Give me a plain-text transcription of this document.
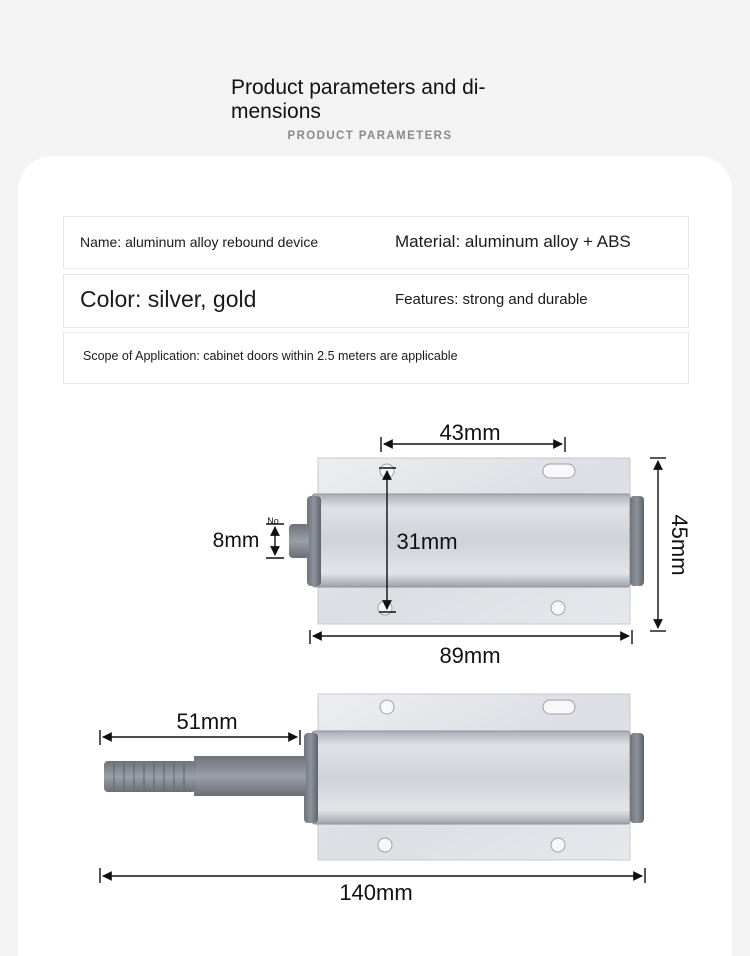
Product parameters and di-
mensions
PRODUCT PARAMETERS
Name: aluminum alloy rebound device	Material: aluminum alloy + ABS
Color: silver, gold	Features: strong and durable
Scope of Application: cabinet doors within 2.5 meters are applicable
43mm
31mm
8mm
No
89mm
45mm
51mm
140mm
